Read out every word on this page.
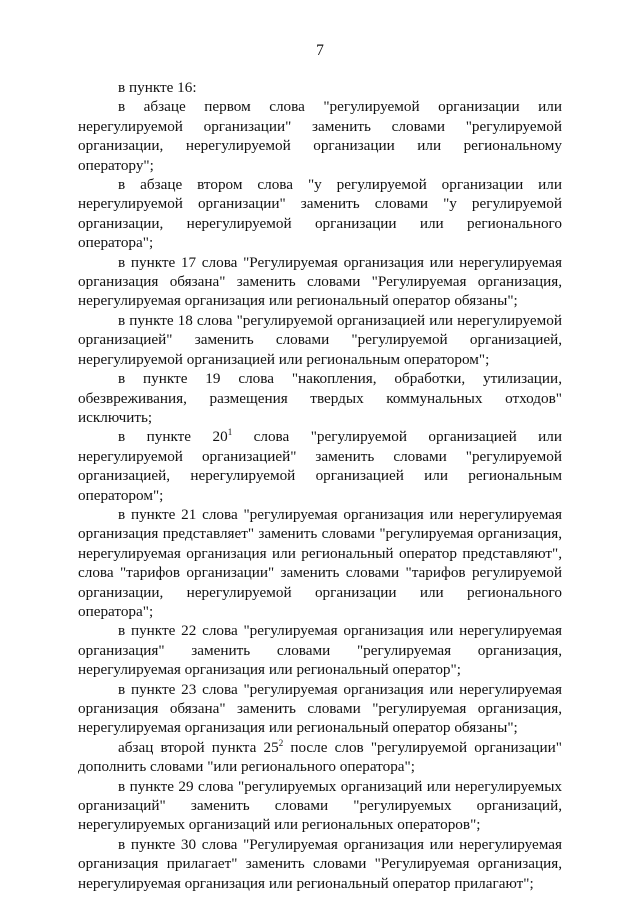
7

в пункте 16:

в абзаце первом слова "регулируемой организации или нерегулируемой организации" заменить словами "регулируемой организации, нерегулируемой организации или региональному оператору";

в абзаце втором слова "у регулируемой организации или нерегулируемой организации" заменить словами "у регулируемой организации, нерегулируемой организации или регионального оператора";

в пункте 17 слова "Регулируемая организация или нерегулируемая организация обязана" заменить словами "Регулируемая организация, нерегулируемая организация или региональный оператор обязаны";

в пункте 18 слова "регулируемой организацией или нерегулируемой организацией" заменить словами "регулируемой организацией, нерегулируемой организацией или региональным оператором";

в пункте 19 слова "накопления, обработки, утилизации, обезвреживания, размещения твердых коммунальных отходов" исключить;

в пункте $20^1$ слова "регулируемой организацией или нерегулируемой организацией" заменить словами "регулируемой организацией, нерегулируемой организацией или региональным оператором";

в пункте 21 слова "регулируемая организация или нерегулируемая организация представляет" заменить словами "регулируемая организация, нерегулируемая организация или региональный оператор представляют", слова "тарифов организации" заменить словами "тарифов регулируемой организации, нерегулируемой организации или регионального оператора";

в пункте 22 слова "регулируемая организация или нерегулируемая организация" заменить словами "регулируемая организация, нерегулируемая организация или региональный оператор";

в пункте 23 слова "регулируемая организация или нерегулируемая организация обязана" заменить словами "регулируемая организация, нерегулируемая организация или региональный оператор обязаны";

абзац второй пункта $25^2$ после слов "регулируемой организации" дополнить словами "или регионального оператора";

в пункте 29 слова "регулируемых организаций или нерегулируемых организаций" заменить словами "регулируемых организаций, нерегулируемых организаций или региональных операторов";

в пункте 30 слова "Регулируемая организация или нерегулируемая организация прилагает" заменить словами "Регулируемая организация, нерегулируемая организация или региональный оператор прилагают";
